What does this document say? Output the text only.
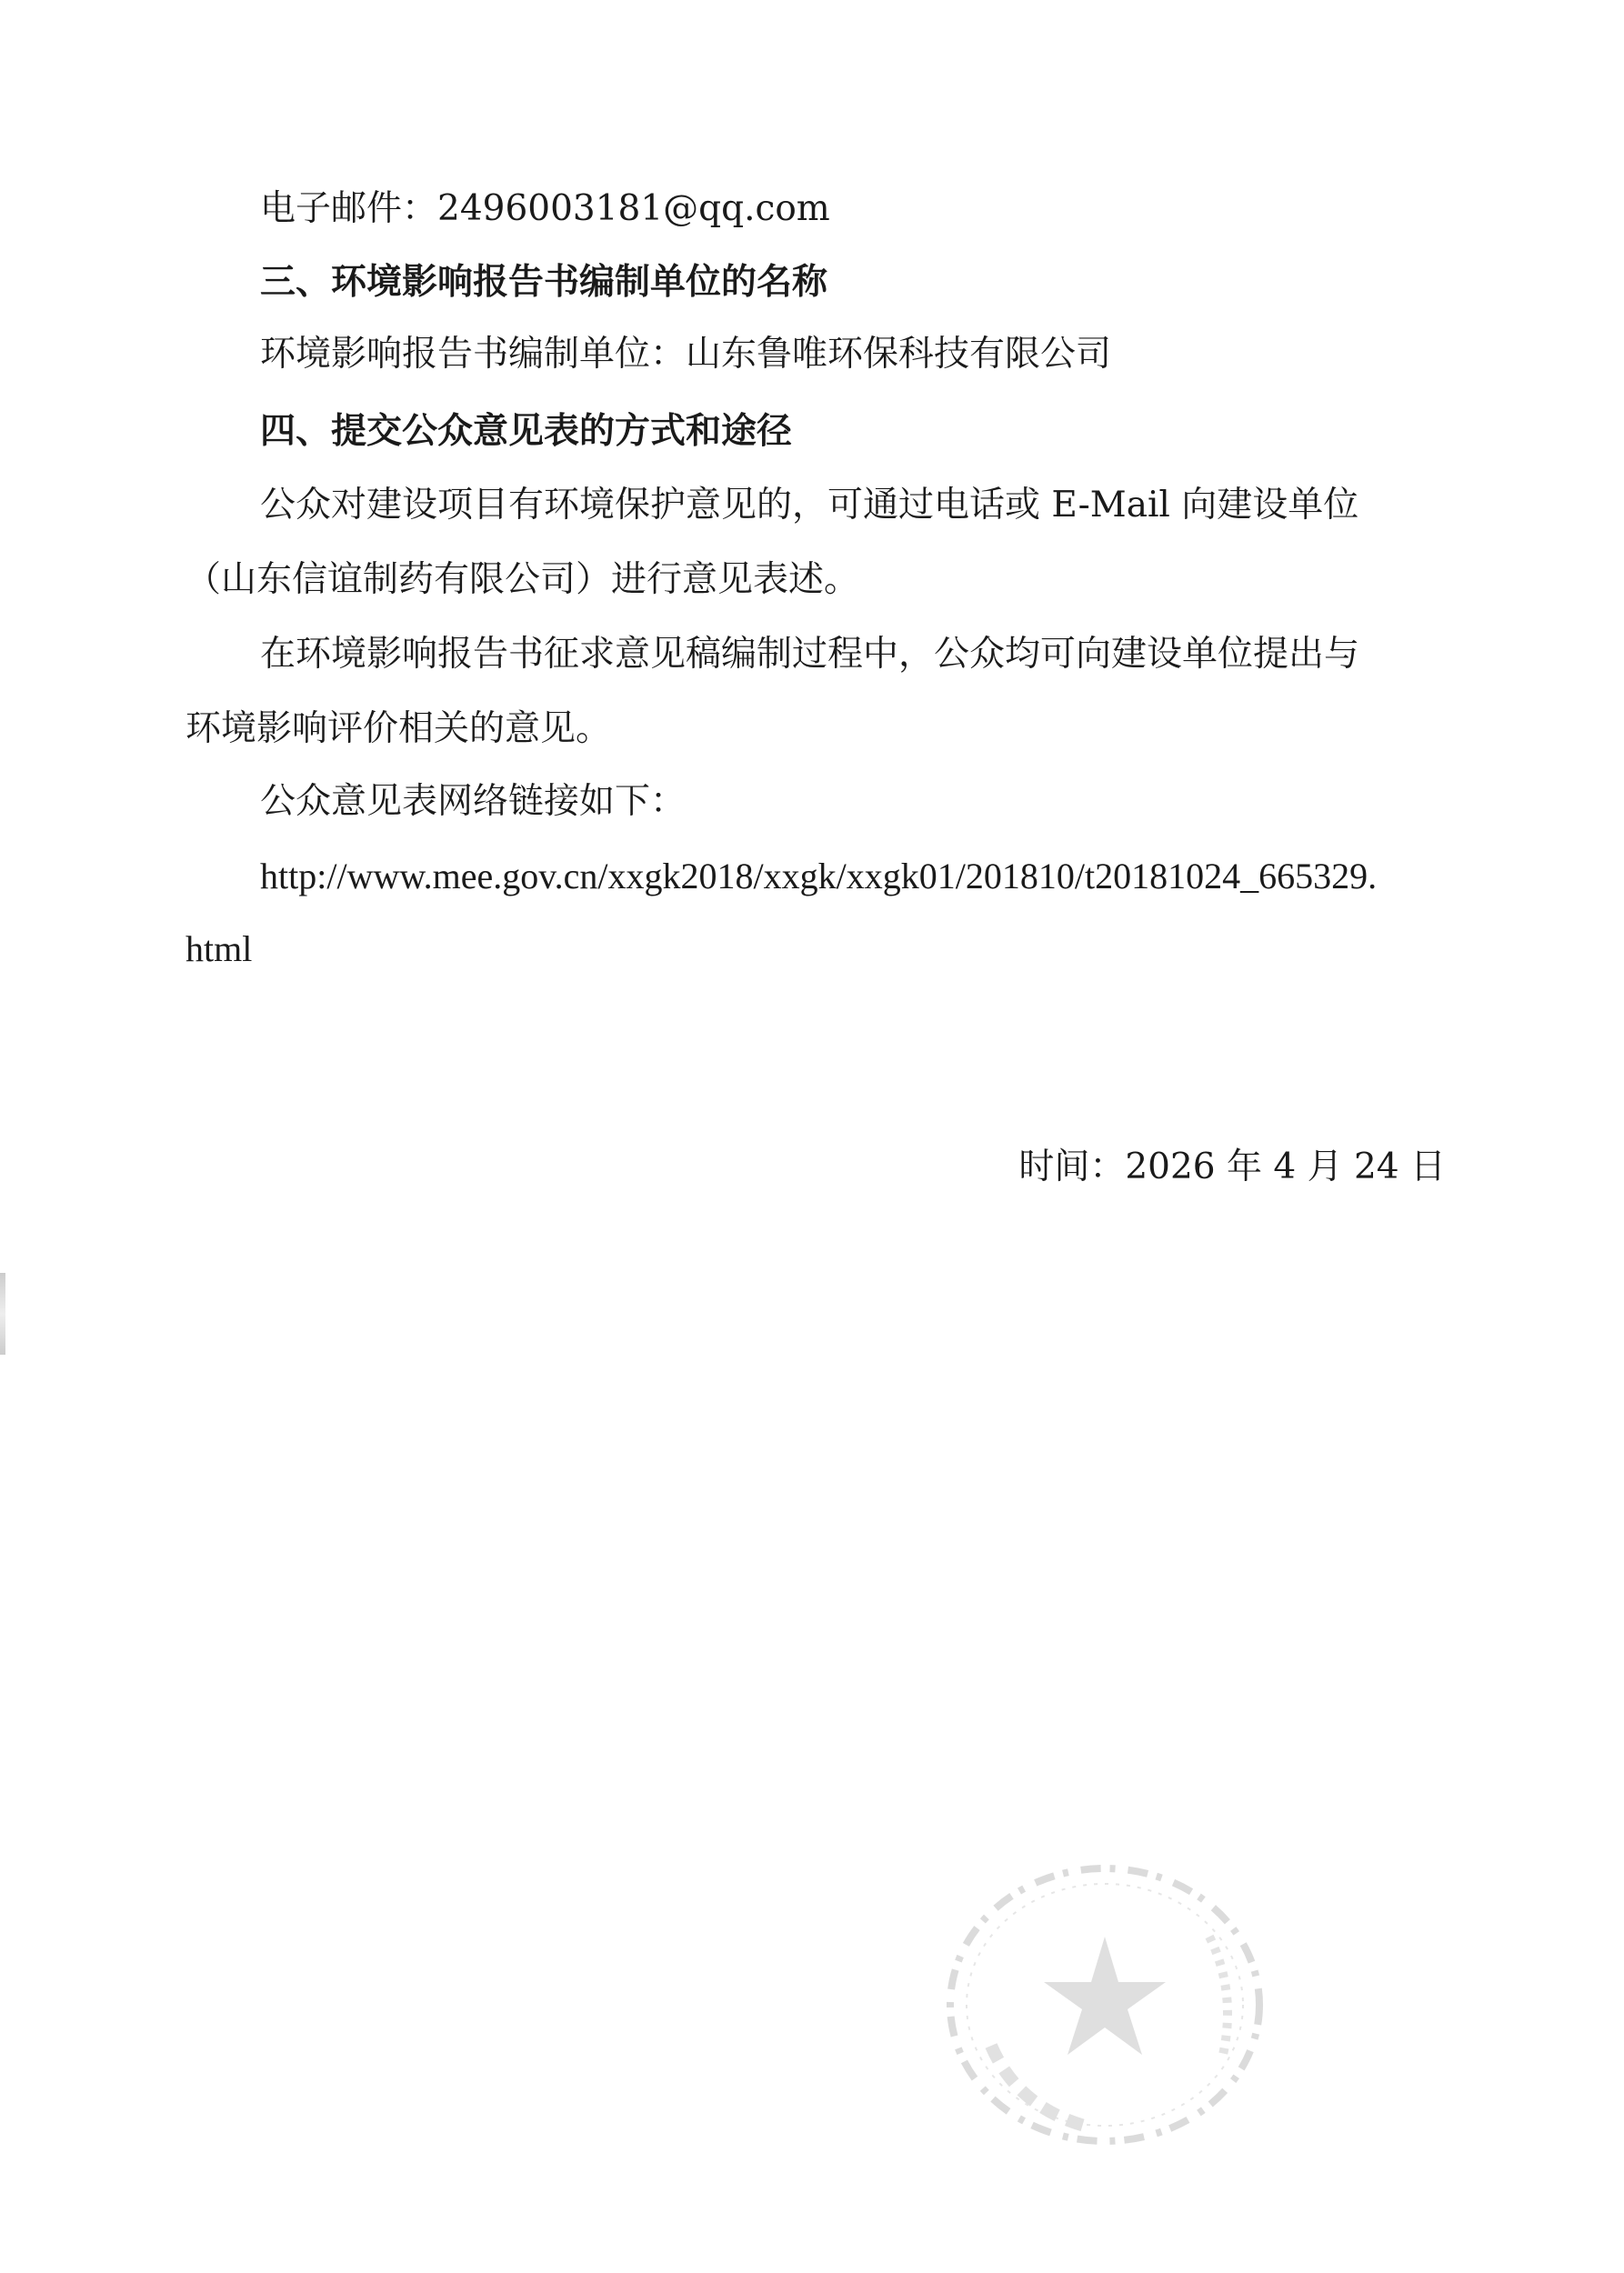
电子邮件：2496003181@qq.com
三、环境影响报告书编制单位的名称
环境影响报告书编制单位：山东鲁唯环保科技有限公司
四、提交公众意见表的方式和途径
公众对建设项目有环境保护意见的，可通过电话或 E-Mail 向建设单位
（山东信谊制药有限公司）进行意见表述。
在环境影响报告书征求意见稿编制过程中，公众均可向建设单位提出与
环境影响评价相关的意见。
公众意见表网络链接如下：
http://www.mee.gov.cn/xxgk2018/xxgk/xxgk01/201810/t20181024_665329.
html
时间：2026 年 4 月 24 日
